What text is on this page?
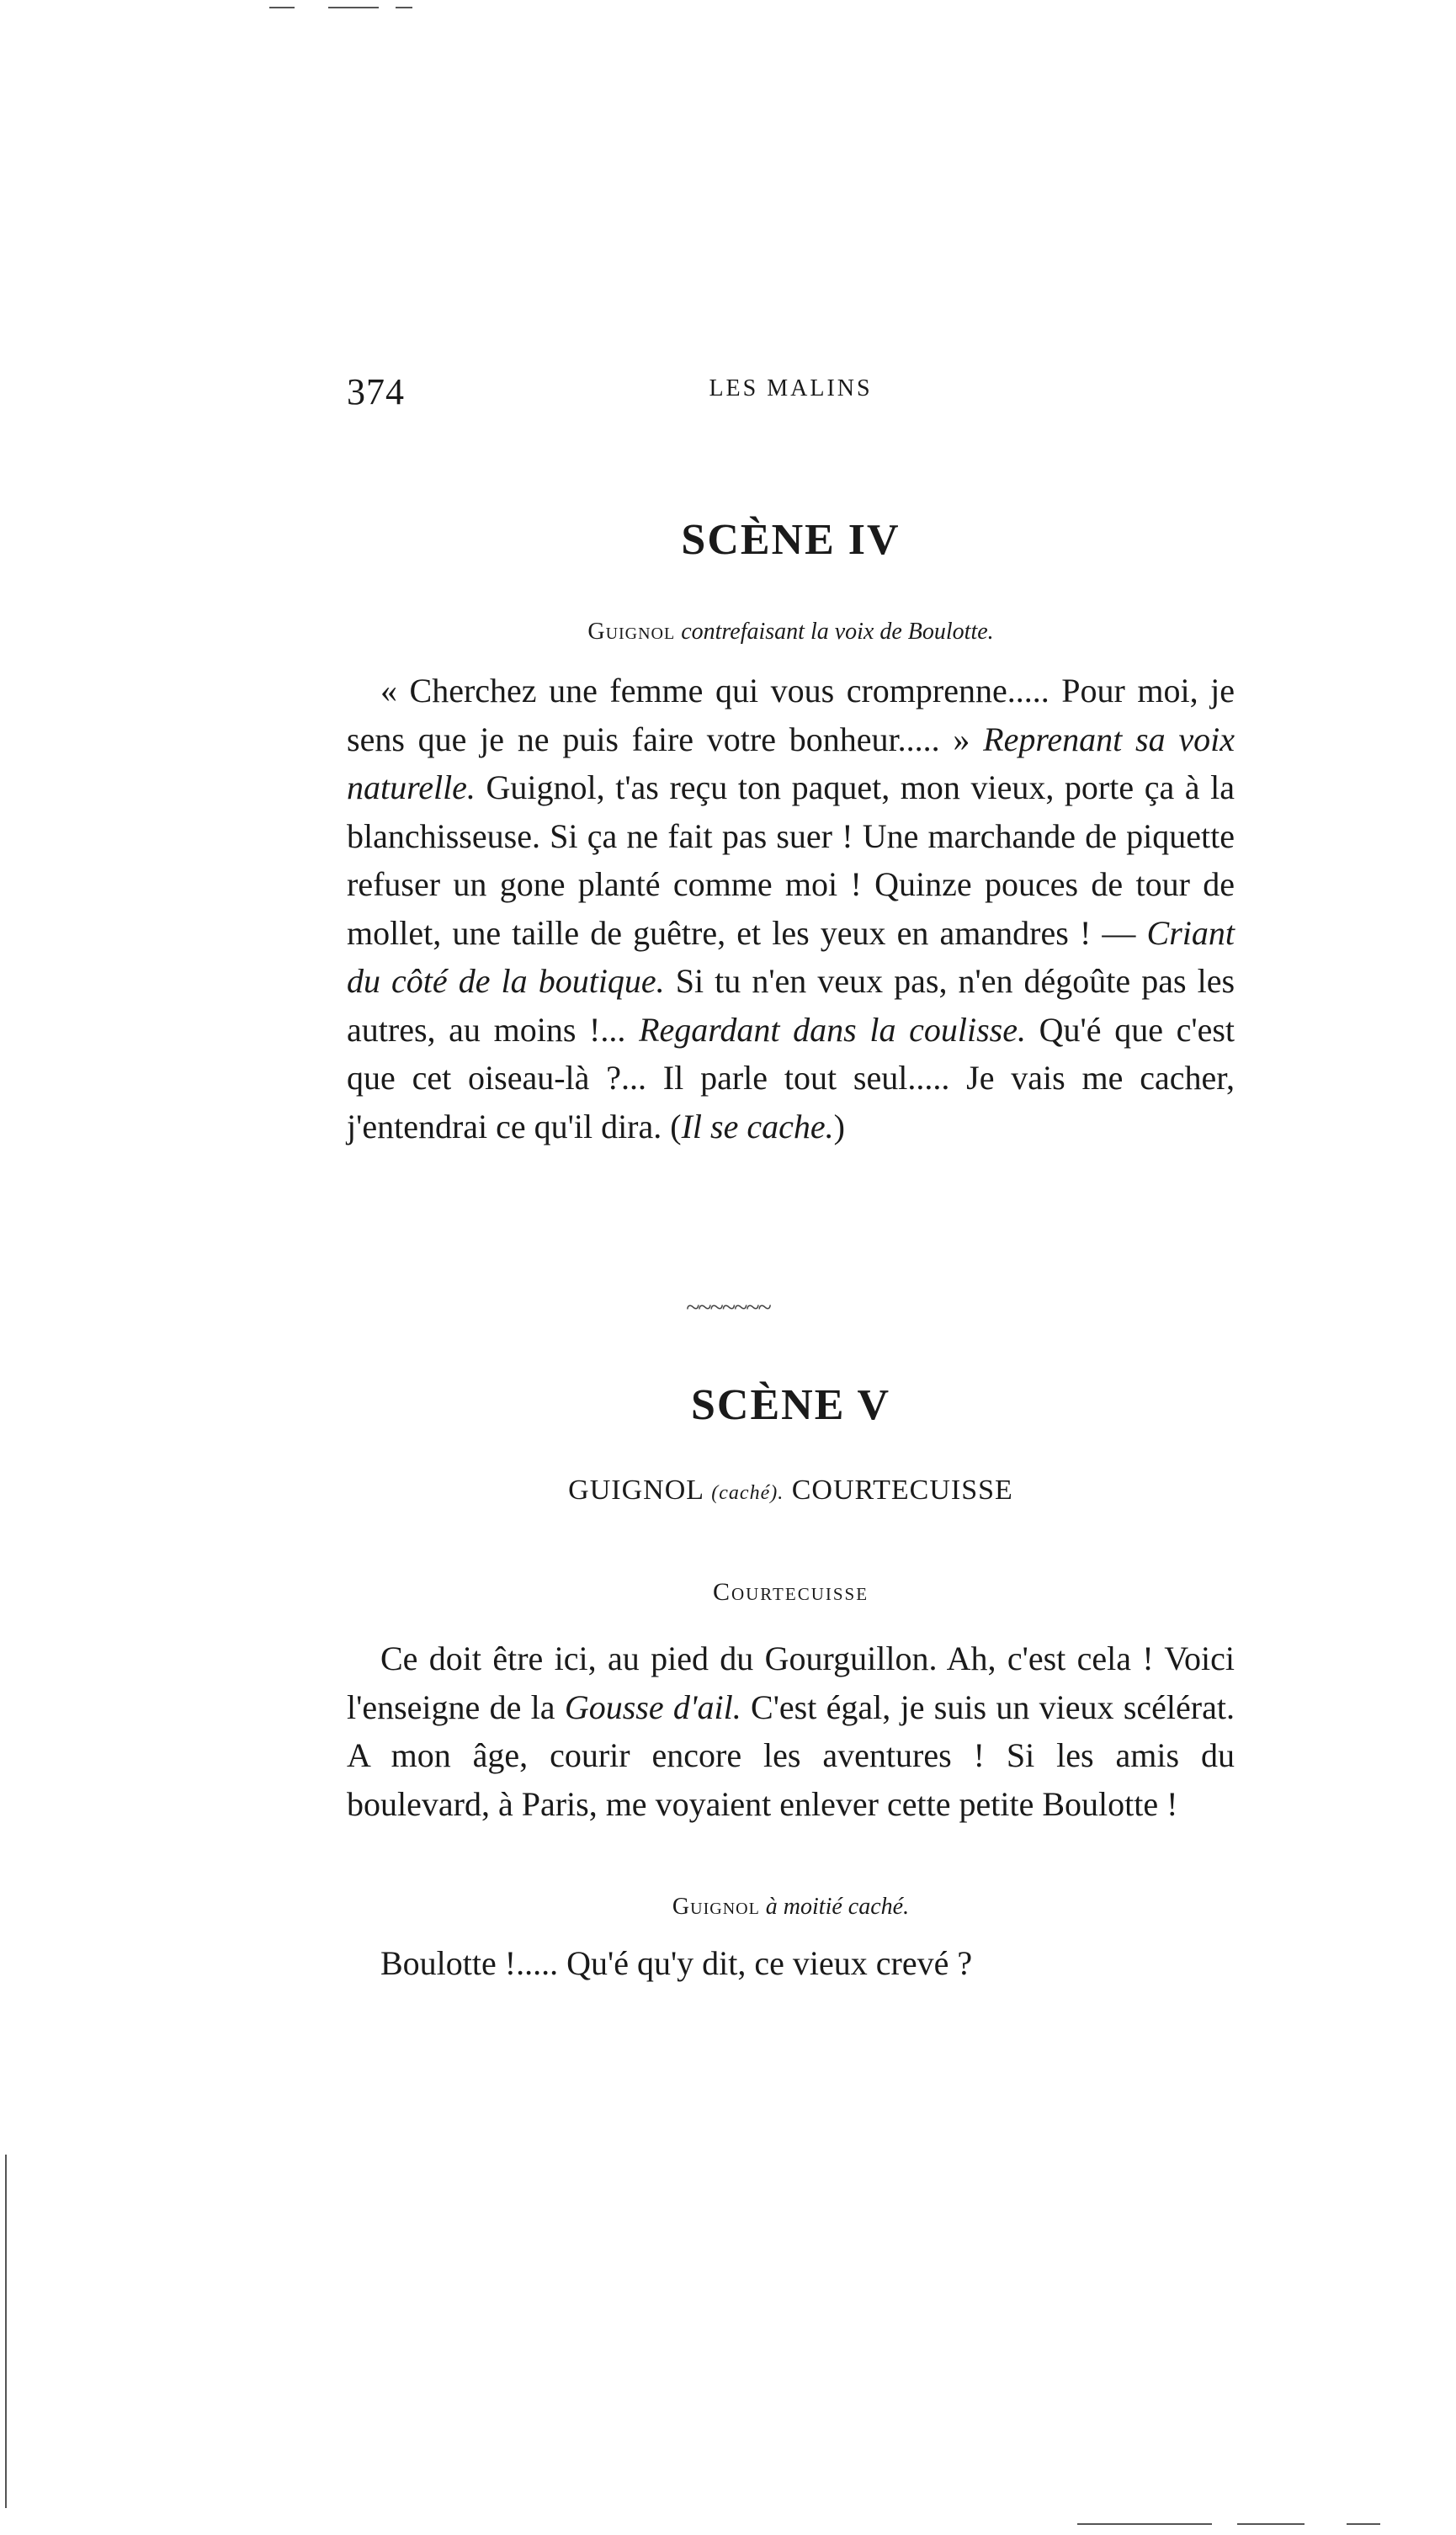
374	LES MALINS
SCÈNE IV

Guignol contrefaisant la voix de Boulotte.

« Cherchez une femme qui vous cromprenne..... Pour moi, je sens que je ne puis faire votre bonheur..... » Reprenant sa voix naturelle. Guignol, t'as reçu ton paquet, mon vieux, porte ça à la blanchisseuse. Si ça ne fait pas suer ! Une marchande de piquette refuser un gone planté comme moi ! Quinze pouces de tour de mollet, une taille de guêtre, et les yeux en amandres ! — Criant du côté de la boutique. Si tu n'en veux pas, n'en dégoûte pas les autres, au moins !... Regardant dans la coulisse. Qu'é que c'est que cet oiseau-là ?... Il parle tout seul..... Je vais me cacher, j'entendrai ce qu'il dira. (Il se cache.)

~~~~~~~
SCÈNE V

GUIGNOL (caché). COURTECUISSE

Courtecuisse

Ce doit être ici, au pied du Gourguillon. Ah, c'est cela ! Voici l'enseigne de la Gousse d'ail. C'est égal, je suis un vieux scélérat. A mon âge, courir encore les aventures ! Si les amis du boulevard, à Paris, me voyaient enlever cette petite Boulotte !

Guignol à moitié caché.

Boulotte !..... Qu'é qu'y dit, ce vieux crevé ?
